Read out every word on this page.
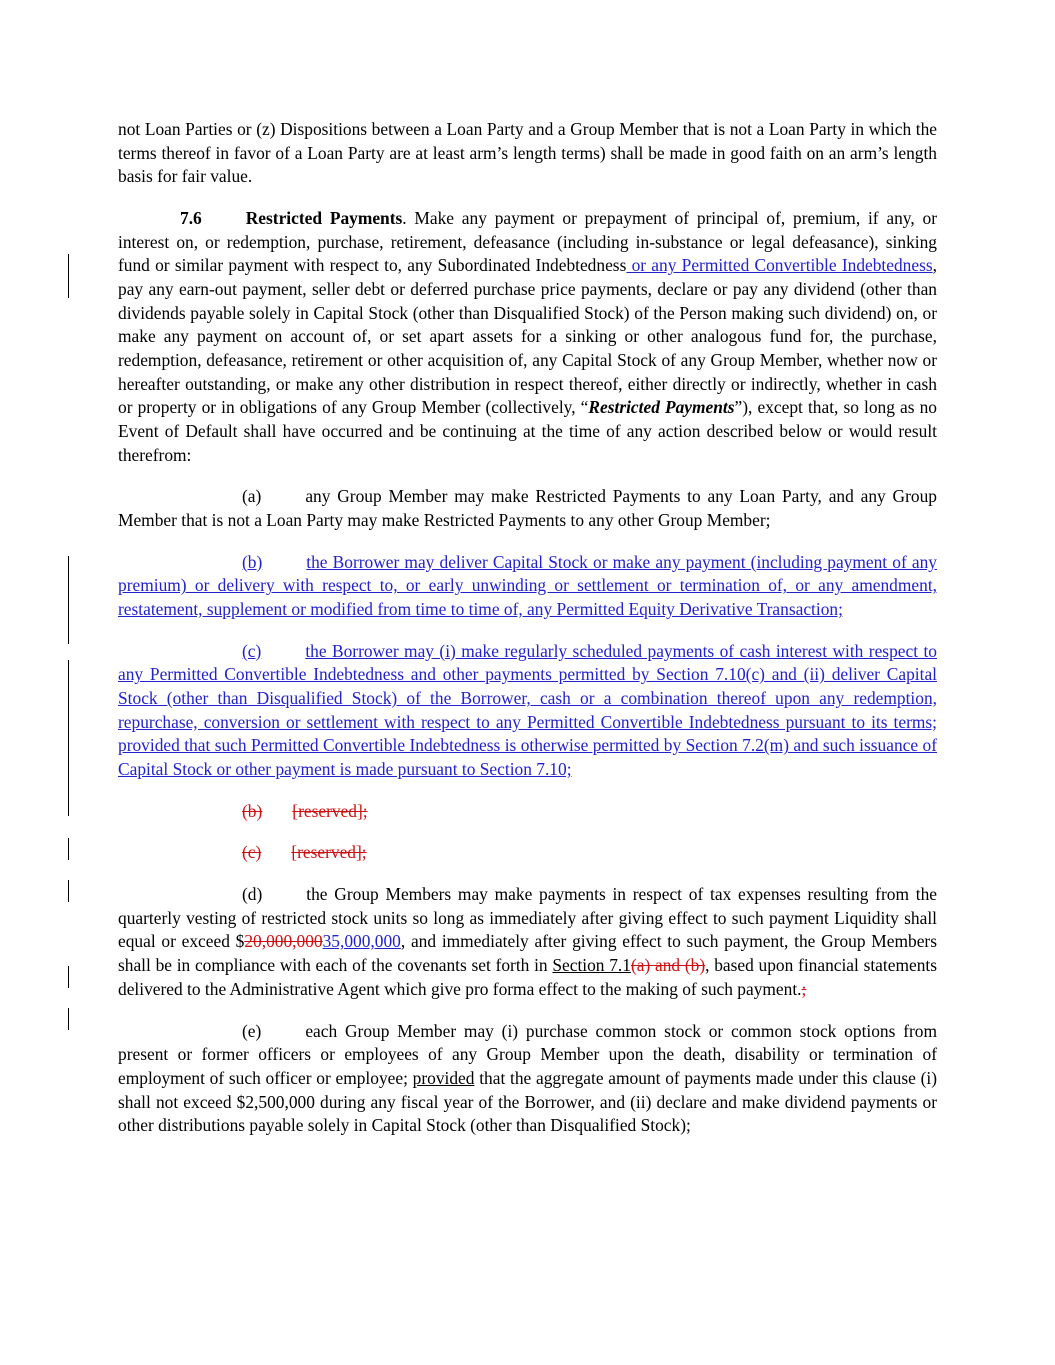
not Loan Parties or (z) Dispositions between a Loan Party and a Group Member that is not a Loan Party in which the terms thereof in favor of a Loan Party are at least arm’s length terms) shall be made in good faith on an arm’s length basis for fair value.

7.6	Restricted Payments. Make any payment or prepayment of principal of, premium, if any, or interest on, or redemption, purchase, retirement, defeasance (including in-substance or legal defeasance), sinking fund or similar payment with respect to, any Subordinated Indebtedness or any Permitted Convertible Indebtedness, pay any earn-out payment, seller debt or deferred purchase price payments, declare or pay any dividend (other than dividends payable solely in Capital Stock (other than Disqualified Stock) of the Person making such dividend) on, or make any payment on account of, or set apart assets for a sinking or other analogous fund for, the purchase, redemption, defeasance, retirement or other acquisition of, any Capital Stock of any Group Member, whether now or hereafter outstanding, or make any other distribution in respect thereof, either directly or indirectly, whether in cash or property or in obligations of any Group Member (collectively, “Restricted Payments”), except that, so long as no Event of Default shall have occurred and be continuing at the time of any action described below or would result therefrom:

(a)	any Group Member may make Restricted Payments to any Loan Party, and any Group Member that is not a Loan Party may make Restricted Payments to any other Group Member;

(b)	the Borrower may deliver Capital Stock or make any payment (including payment of any premium) or delivery with respect to, or early unwinding or settlement or termination of, or any amendment, restatement, supplement or modified from time to time of, any Permitted Equity Derivative Transaction;

(c)	the Borrower may (i) make regularly scheduled payments of cash interest with respect to any Permitted Convertible Indebtedness and other payments permitted by Section 7.10(c) and (ii) deliver Capital Stock (other than Disqualified Stock) of the Borrower, cash or a combination thereof upon any redemption, repurchase, conversion or settlement with respect to any Permitted Convertible Indebtedness pursuant to its terms; provided that such Permitted Convertible Indebtedness is otherwise permitted by Section 7.2(m) and such issuance of Capital Stock or other payment is made pursuant to Section 7.10;

(b) [reserved];

(c) [reserved];

(d)	the Group Members may make payments in respect of tax expenses resulting from the quarterly vesting of restricted stock units so long as immediately after giving effect to such payment Liquidity shall equal or exceed $20,000,00035,000,000, and immediately after giving effect to such payment, the Group Members shall be in compliance with each of the covenants set forth in Section 7.1(a) and (b), based upon financial statements delivered to the Administrative Agent which give pro forma effect to the making of such payment.;

(e)	each Group Member may (i) purchase common stock or common stock options from present or former officers or employees of any Group Member upon the death, disability or termination of employment of such officer or employee; provided that the aggregate amount of payments made under this clause (i) shall not exceed $2,500,000 during any fiscal year of the Borrower, and (ii) declare and make dividend payments or other distributions payable solely in Capital Stock (other than Disqualified Stock);
